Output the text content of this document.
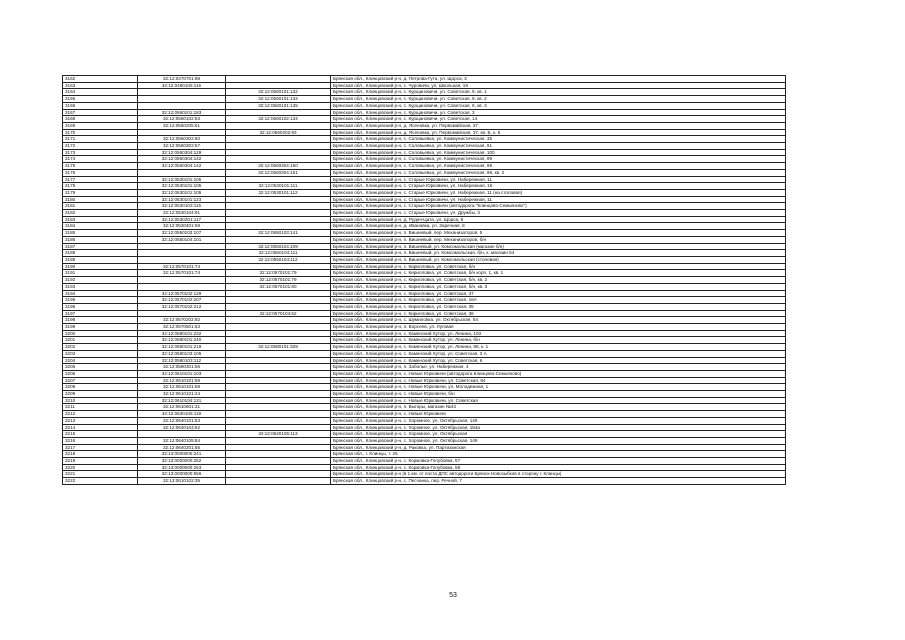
3162	32:12:0470701:98		Брянская обл., Клинцовский р-н, д. Петрова-Гута, ул. Щорса, 3
3163	32:12:0480105:115		Брянская обл., Клинцовский р-н, с. Чуровичи, ул. Школьная, 19
3164		32:12:0560101:132	Брянская обл., Клинцовский р-н, с. Курщановичи, ул. Советская, 9, кв. 1
3165		32:12:0560101:134	Брянская обл., Клинцовский р-н, с. Курщановичи, ул. Советская, 9, кв. 2
3166		32:12:0560101:135	Брянская обл., Клинцовский р-н, с. Курщановичи, ул. Советская, 9, кв. 3
3167	32:12:0560101:183		Брянская обл., Клинцовский р-н, с. Курщановичи, ул. Советская, 3
3168	32:12:0560102:53	32:12:0560102:134	Брянская обл., Клинцовский р-н, с. Курщановичи, ул. Советская, 14
3169	32:12:0560205:61		Брянская обл., Клинцовский р-н, д. Ясеновка, ул. Первомайская, 37
3170		32:12:0560202:93	Брянская обл., Клинцовский р-н, д. Ясеновка, ул. Первомайская, 37, кв. Б, к. 5
3171	32:12:0560302:60		Брянская обл., Клинцовский р-н, с. Соловьевка, ул. Коммунистическая, 35
3172	32:12:0560302:67		Брянская обл., Клинцовский р-н, с. Соловьевка, ул. Коммунистическая, 91
3173	32:12:0560304:129		Брянская обл., Клинцовский р-н, с. Соловьевка, ул. Коммунистическая, 100
3174	32:12:0560304:142		Брянская обл., Клинцовский р-н, с. Соловьевка, ул. Коммунистическая, 99
3175	32:12:0560304:142	32:12:0560304:150	Брянская обл., Клинцовский р-н, с. Соловьевка, ул. Коммунистическая, 99
3176		32:12:0560304:151	Брянская обл., Клинцовский р-н, с. Соловьевка, ул. Коммунистическая, 99, кв. 2
3177	32:12:0530101:105		Брянская обл., Клинцовский р-н, с. Старые Юрковичи, ул. Набережная, 11
3178	32:12:0530101:105	32:12:0530101:111	Брянская обл., Клинцовский р-н, с. Старые Юрковичи, ул. Набережная, 16
3179	32:12:0530101:105	32:12:0530101:112	Брянская обл., Клинцовский р-н, с. Старые Юрковичи, ул. Набережная, 11 (на столовая)
3180	32:12:0530101:123		Брянская обл., Клинцовский р-н, с. Старые Юрковичи, ул. Набережная, 11
3181	32:12:0530103:115		Брянская обл., Клинцовский р-н, с. Старые Юрковичи (автодорога "Клинцово-Семьяново")
3182	32:12:0530104:91		Брянская обл., Клинцовский р-н, с. Старые Юрковичи, ул. Дружбы, 3
3183	32:12:0530201:117		Брянская обл., Клинцовский р-н, д. Рудня-Цата, ул. Щорса, 8
3184	32:12:0530401:58		Брянская обл., Клинцовский р-н, д. Ивановка, ул. Заречная, 8
3185	32:12:0550103:107	32:12:0550103:141	Брянская обл., Клинцовский р-н, п. Вишневый, пер. Механизаторов, 5
3186	32:12:0550104:101		Брянская обл., Клинцовский р-н, п. Вишневый, пер. Механизаторов, б/н
3187		32:12:0550104:109	Брянская обл., Клинцовский р-н, п. Вишневый, ул. Комсомольская (магазин б/н)
3188		32:12:0550104:111	Брянская обл., Клинцовский р-н, п. Вишневый, ул. Комсомольская, б/н, к. магазин 54
3189		32:12:0550104:112	Брянская обл., Клинцовский р-н, п. Вишневый, ул. Комсомольская (столовая)
3190	32:12:0570101:74		Брянская обл., Клинцовский р-н, с. Кирилловка, ул. Советская, б/н
3191	32:12:0570101:74	32:12:0570101:79	Брянская обл., Клинцовский р-н, с. Кирилловка, ул. Советская, б/н корп. 1, кв. 1
3192		32:12:0570101:79	Брянская обл., Клинцовский р-н, с. Кирилловка, ул. Советская, б/н, кв. 2
3193		32:12:0570101:80	Брянская обл., Клинцовский р-н, с. Кирилловка, ул. Советская, б/н, кв. 3
3194	32:12:0570102:129		Брянская обл., Клинцовский р-н, с. Кирилловка, ул. Советская, 37
3195	32:12:0570102:207		Брянская обл., Клинцовский р-н, с. Кирилловка, ул. Советская, 16А
3196	32:12:0570102:212		Брянская обл., Клинцовский р-н, с. Кирилловка, ул. Советская, 35
3197		32:12:0570104:62	Брянская обл., Клинцовский р-н, с. Кирилловка, ул. Советская, 36
3198	32:12:0570202:92		Брянская обл., Клинцовский р-н, с. Шумиловка, ул. Октябрьская, 54
3199	32:12:0570501:53		Брянская обл., Клинцовский р-н, п. Борсеев, ул. Луговая
3200	32:12:0580101:232		Брянская обл., Клинцовский р-н, с. Каменский Хутор, ул. Ленина, 103
3201	32:12:0580101:240		Брянская обл., Клинцовский р-н, с. Каменский Хутор, ул. Ленина, б/н
3202	32:12:0580101:219	32:12:0580101:329	Брянская обл., Клинцовский р-н, с. Каменский Хутор, ул. Ленина, 98, к. 1
3203	32:12:0580103:105		Брянская обл., Клинцовский р-н, с. Каменский Хутор, ул. Советская, 3 А
3204	32:12:0580103:112		Брянская обл., Клинцовский р-н, с. Каменский Хутор, ул. Советская, 6
3205	32:12:0580301:56		Брянская обл., Клинцовский р-н, п. Заболье, ул. Набережная, 4
3206	32:12:0610101:103		Брянская обл., Клинцовский р-н, с. Новые Юрковичи (автодорога Клинцово-Семьяново)
3207	32:12:0610101:59		Брянская обл., Клинцовский р-н, с. Новые Юрковичи, ул. Советская, 84
3208	32:12:0610101:58		Брянская обл., Клинцовский р-н, с. Новые Юрковичи, ул. Молодежная, 1
3209	32:12:0610101:24		Брянская обл., Клинцовский р-н, с. Новые Юрковичи, б/н
3210	32:12:0610104:131		Брянская обл., Клинцовский р-н, с. Новые Юрковичи, ул. Советская
3211	32:12:0610601:31		Брянская обл., Клинцовский р-н, п. Выгоры, магазин №43
3212	32:12:0630105:118		Брянская обл., Клинцовский р-н, с. Новые Юрковичи
3213	32:12:0640101:53		Брянская обл., Клинцовский р-н, с. Хоромное, ул. Октябрьская, 149
3214	32:12:0640104:62		Брянская обл., Клинцовский р-н, с. Хоромное, ул. Октябрьская, 164а
3215		32:12:0640105:113	Брянская обл., Клинцовский р-н, с. Хоромное, ул. Октябрьская
3216	32:12:0640105:84		Брянская обл., Клинцовский р-н, с. Хоромное, ул. Октябрьская, 149
3217	32:12:0640201:65		Брянская обл., Клинцовский р-н, д. Раковка, ул. Партизанская
3218	32:13:0000000:241		Брянская обл., г. Клинцы, т. 25
3219	32:13:0000000:252		Брянская обл., Клинцовский р-н, с. Коржовка-Голубовка, 57
3220	32:13:0000000:253		Брянская обл., Клинцовский р-н, с. Коржовка-Голубовка, 58
3221	32:13:0000000:556		Брянская обл., Клинцовский р-н (в 1 км. от поста ДПС автодороги Брянск-Новозыбков в сторону г. Клинцы)
3222	32:13:0610102:35		Брянская обл., Клинцовский р-н, с. Песчанка, пер. Речной, 7
53
